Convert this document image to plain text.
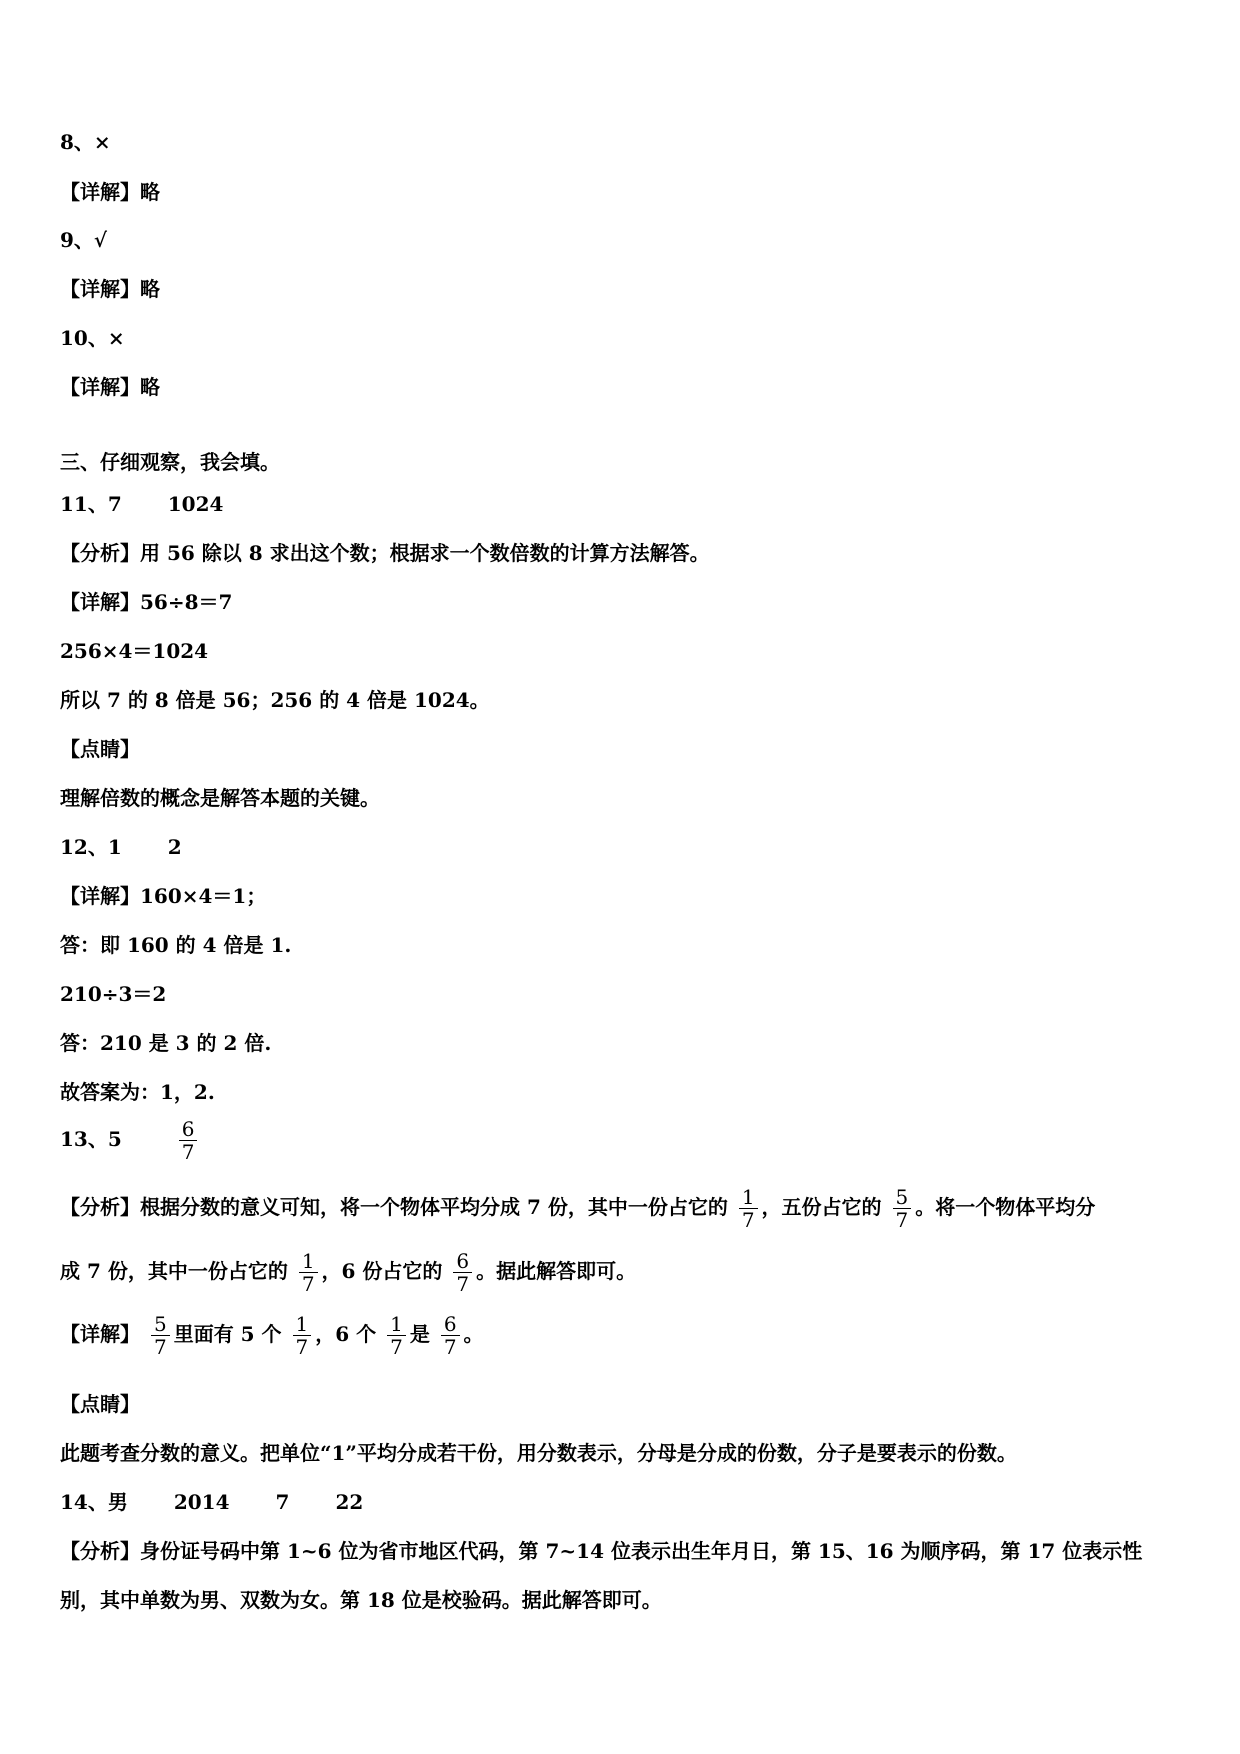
8、×
【详解】略
9、√
【详解】略
10、×
【详解】略
三、仔细观察，我会填。
11、7 1024
【分析】用 56 除以 8 求出这个数；根据求一个数倍数的计算方法解答。
【详解】56÷8＝7
256×4＝1024
所以 7 的 8 倍是 56；256 的 4 倍是 1024。
【点睛】
理解倍数的概念是解答本题的关键。
12、1 2
【详解】160×4＝1；
答：即 160 的 4 倍是 1.
210÷3＝2
答：210 是 3 的 2 倍.
故答案为：1，2.
13、5	$\frac{6}{7}$
【分析】根据分数的意义可知，将一个物体平均分成 7 份，其中一份占它的 $\frac{1}{7}$ ，五份占它的 $\frac{5}{7}$ 。将一个物体平均分
成 7 份，其中一份占它的 $\frac{1}{7}$ ，6 份占它的 $\frac{6}{7}$ 。据此解答即可。
【详解】 $\frac{5}{7}$ 里面有 5 个 $\frac{1}{7}$ ，6 个 $\frac{1}{7}$ 是 $\frac{6}{7}$ 。
【点睛】
此题考查分数的意义。把单位“1”平均分成若干份，用分数表示，分母是分成的份数，分子是要表示的份数。
14、男 2014 7 22
【分析】身份证号码中第 1~6 位为省市地区代码，第 7~14 位表示出生年月日，第 15、16 为顺序码，第 17 位表示性
别，其中单数为男、双数为女。第 18 位是校验码。据此解答即可。
